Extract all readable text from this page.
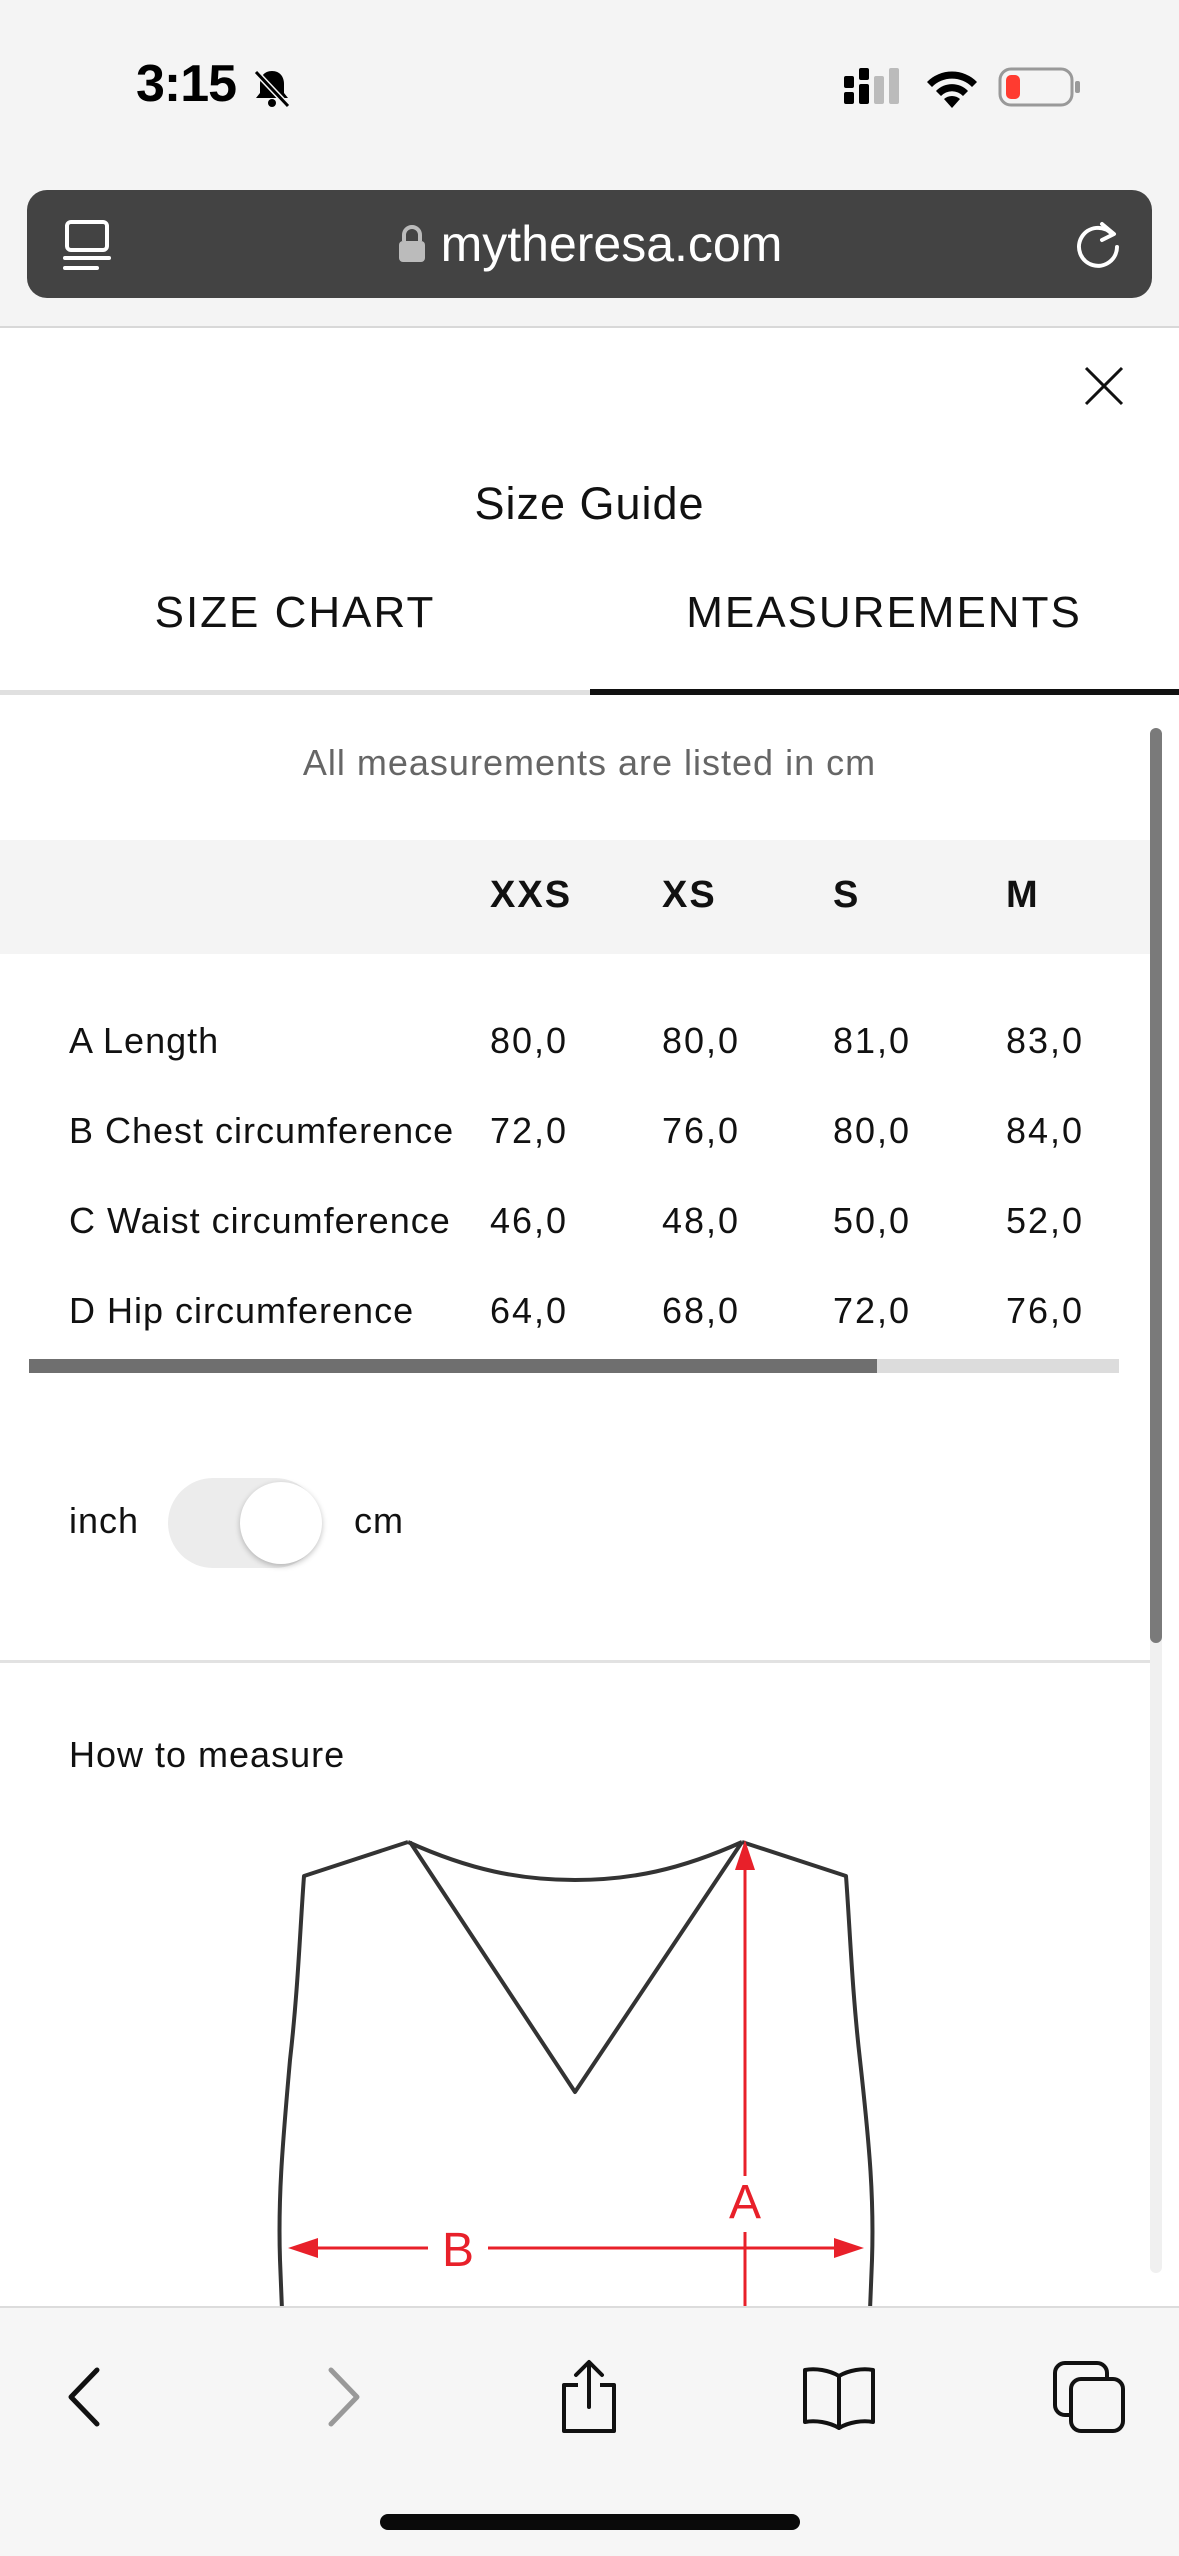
3:15
mytheresa.com
Size Guide
SIZE CHART	MEASUREMENTS
All measurements are listed in cm
XXS XS	S	M
A Length	80,0	80,0	81,0	83,0
B Chest circumference 72,0	76,0	80,0	84,0
C Waist circumference 46,0	48,0	50,0	52,0
D Hip circumference 64,0	68,0	72,0	76,0
inch	cm
How to measure
A
B
